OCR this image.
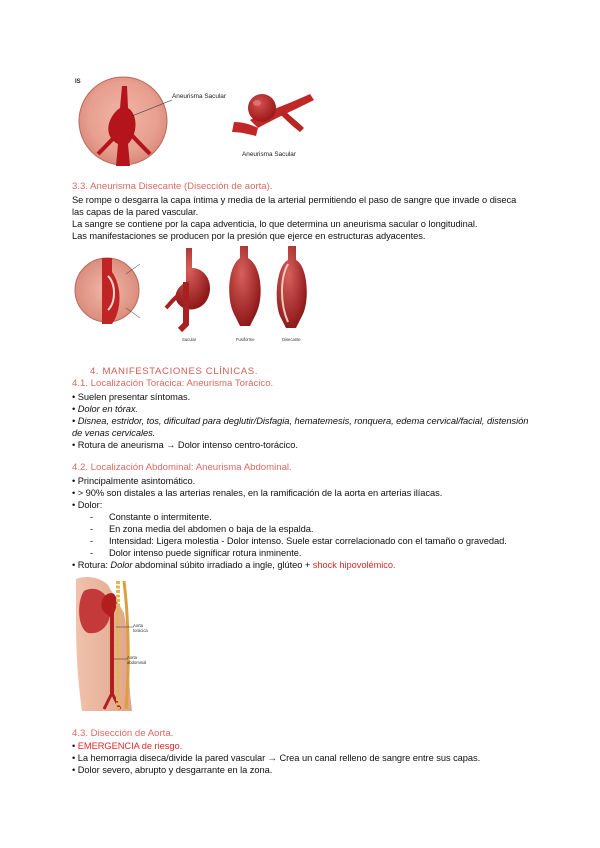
IS
Aneurisma Sacular
Aneurisma Sacular
3.3. Aneurisma Disecante (Disección de aorta).
Se rompe o desgarra la capa íntima y media de la arterial permitiendo el paso de sangre que invade o diseca
las capas de la pared vascular.
La sangre se contiene por la capa adventicia, lo que determina un aneurisma sacular o longitudinal.
Las manifestaciones se producen por la presión que ejerce en estructuras adyacentes.
Sacular	Fusiforme	Disecante
4. MANIFESTACIONES CLÍNICAS.
4.1. Localización Torácica: Aneurisma Torácico.
• Suelen presentar síntomas.
• Dolor en tórax.
• Disnea, estridor, tos, dificultad para deglutir/Disfagia, hematemesis, ronquera, edema cervical/facial, distensión
de venas cervicales.
• Rotura de aneurisma → Dolor intenso centro-torácico.
4.2. Localización Abdominal: Aneurisma Abdominal.
• Principalmente asintomático.
• > 90% son distales a las arterias renales, en la ramificación de la aorta en arterias ilíacas.
• Dolor:
- Constante o intermitente.
- En zona media del abdomen o baja de la espalda.
- Intensidad: Ligera molestia - Dolor intenso. Suele estar correlacionado con el tamaño o gravedad.
- Dolor intenso puede significar rotura inminente.
• Rotura: Dolor abdominal súbito irradiado a ingle, glúteo + shock hipovolémico.
Aorta
torácica
Aorta
abdominal
4.3. Disección de Aorta.
• EMERGENCIA de riesgo.
• La hemorragia diseca/divide la pared vascular → Crea un canal relleno de sangre entre sus capas.
• Dolor severo, abrupto y desgarrante en la zona.
